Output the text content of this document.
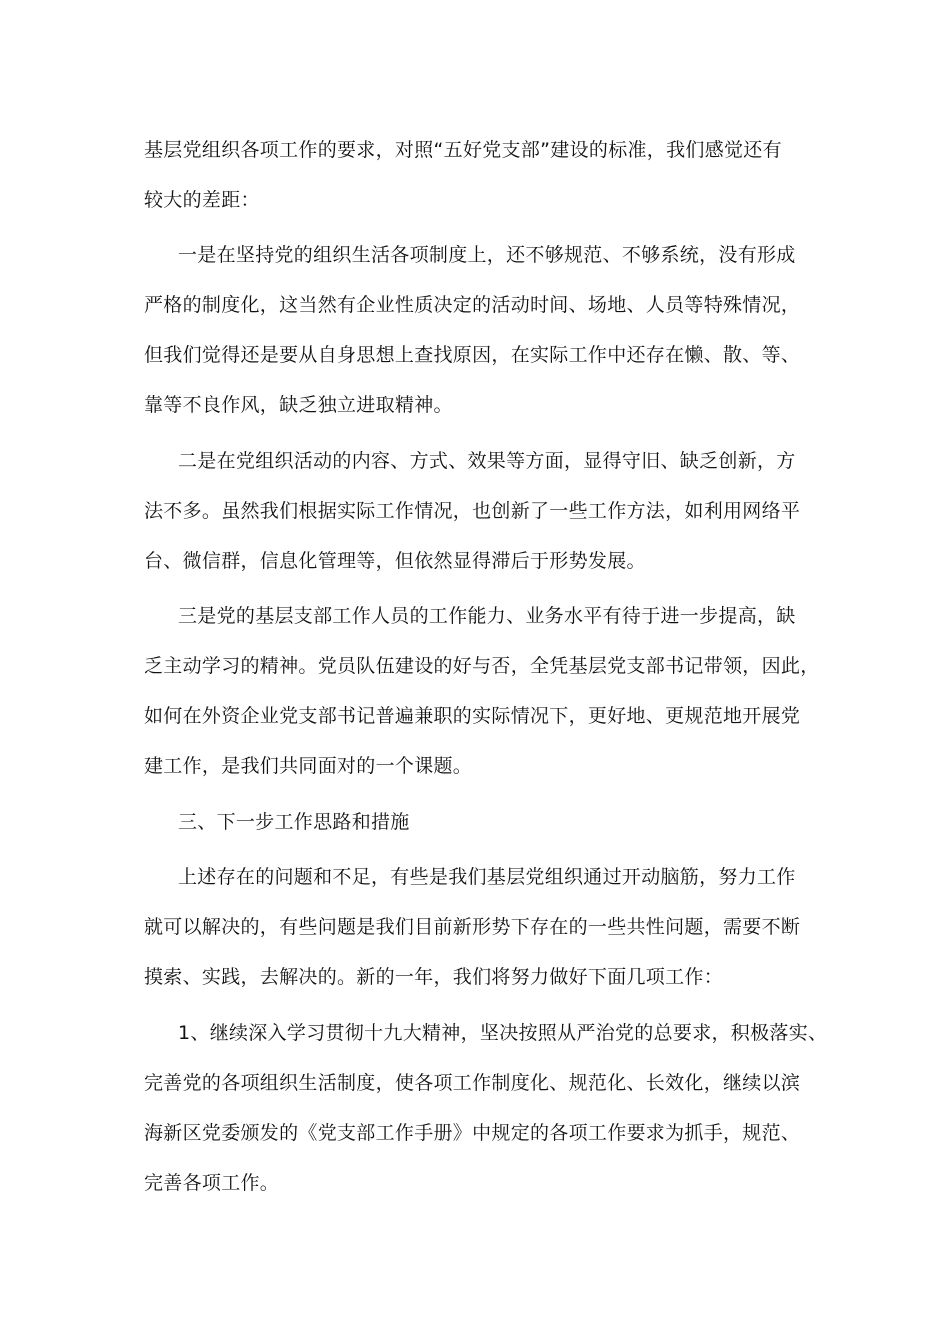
基层党组织各项工作的要求，对照“五好党支部”建设的标准，我们感觉还有
较大的差距：
一是在坚持党的组织生活各项制度上，还不够规范、不够系统，没有形成
严格的制度化，这当然有企业性质决定的活动时间、场地、人员等特殊情况，
但我们觉得还是要从自身思想上查找原因，在实际工作中还存在懒、散、等、
靠等不良作风，缺乏独立进取精神。
二是在党组织活动的内容、方式、效果等方面，显得守旧、缺乏创新，方
法不多。虽然我们根据实际工作情况，也创新了一些工作方法，如利用网络平
台、微信群，信息化管理等，但依然显得滞后于形势发展。
三是党的基层支部工作人员的工作能力、业务水平有待于进一步提高，缺
乏主动学习的精神。党员队伍建设的好与否，全凭基层党支部书记带领，因此，
如何在外资企业党支部书记普遍兼职的实际情况下，更好地、更规范地开展党
建工作，是我们共同面对的一个课题。
三、下一步工作思路和措施
上述存在的问题和不足，有些是我们基层党组织通过开动脑筋，努力工作
就可以解决的，有些问题是我们目前新形势下存在的一些共性问题，需要不断
摸索、实践，去解决的。新的一年，我们将努力做好下面几项工作：
1、继续深入学习贯彻十九大精神，坚决按照从严治党的总要求，积极落实、
完善党的各项组织生活制度，使各项工作制度化、规范化、长效化，继续以滨
海新区党委颁发的《党支部工作手册》中规定的各项工作要求为抓手，规范、
完善各项工作。
